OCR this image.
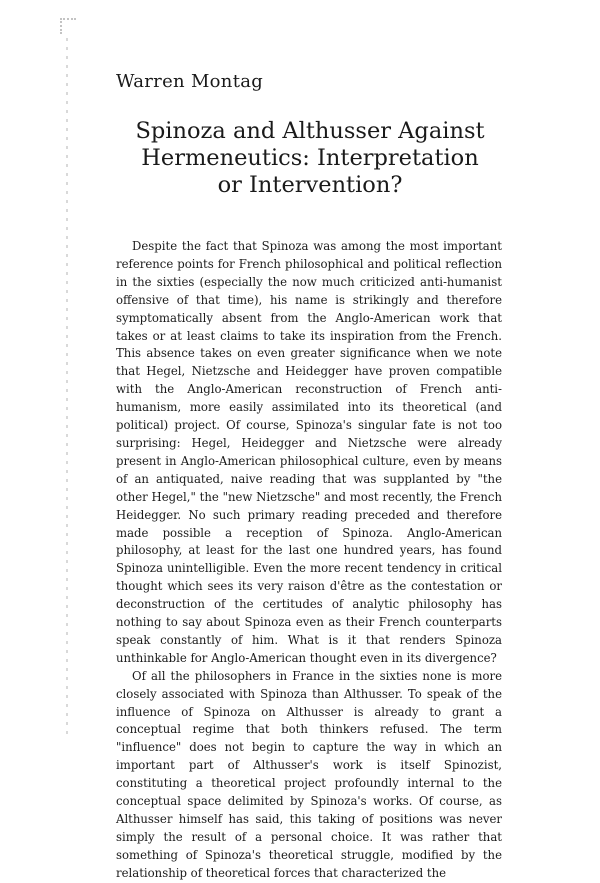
Warren Montag
Spinoza and Althusser Against
Hermeneutics: Interpretation
or Intervention?

Despite the fact that Spinoza was among the most important reference points for French philosophical and political reflection in the sixties (especially the now much criticized anti-humanist offensive of that time), his name is strikingly and therefore symptomatically absent from the Anglo-American work that takes or at least claims to take its inspiration from the French. This absence takes on even greater significance when we note that Hegel, Nietzsche and Heidegger have proven compatible with the Anglo-American reconstruction of French anti-humanism, more easily assimilated into its theoretical (and political) project. Of course, Spinoza's singular fate is not too surprising: Hegel, Heidegger and Nietzsche were already present in Anglo-American philosophical culture, even by means of an antiquated, naive reading that was supplanted by "the other Hegel," the "new Nietzsche" and most recently, the French Heidegger. No such primary reading preceded and therefore made possible a reception of Spinoza. Anglo-American philosophy, at least for the last one hundred years, has found Spinoza unintelligible. Even the more recent tendency in critical thought which sees its very raison d'être as the contestation or deconstruction of the certitudes of analytic philosophy has nothing to say about Spinoza even as their French counterparts speak constantly of him. What is it that renders Spinoza unthinkable for Anglo-American thought even in its divergence?

Of all the philosophers in France in the sixties none is more closely associated with Spinoza than Althusser. To speak of the influence of Spinoza on Althusser is already to grant a conceptual regime that both thinkers refused. The term "influence" does not begin to capture the way in which an important part of Althusser's work is itself Spinozist, constituting a theoretical project profoundly internal to the conceptual space delimited by Spinoza's works. Of course, as Althusser himself has said, this taking of positions was never simply the result of a personal choice. It was rather that something of Spinoza's theoretical struggle, modified by the relationship of theoretical forces that characterized the
